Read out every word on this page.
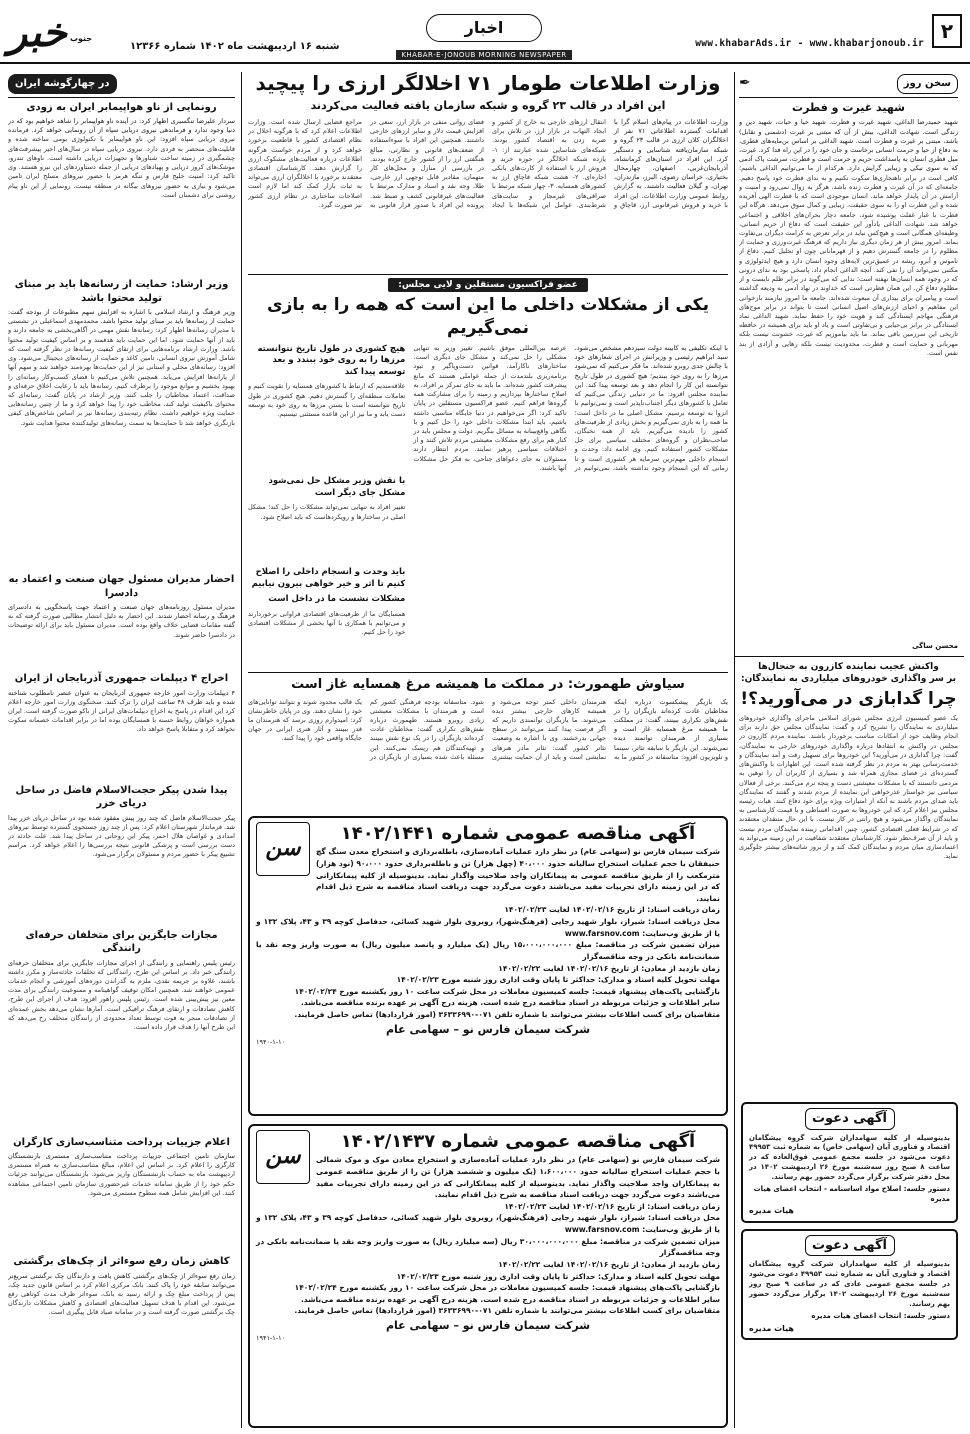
۲
www.khabarAds.ir - www.khabarjonoub.ir
اخبار
KHABAR-E-JONOUB MORNING NEWSPAPER
خبر جنوب
شنبه ۱۶ اردیبهشت ماه ۱۴۰۲ شماره ۱۲۳۶۶
سخن روز
✒
شهید غیرت و فطرت
شهید حمیدرضا الداغی، شهید غیرت و فطرت. شهید حیا و حیات، شهید دین و زندگی است. شهادت الداغی، بیش از آن که مبتنی بر غیرت (دشمنی و تقابل) باشد، مبتنی بر غیرت و فطرت است. شهید الداغی بر اساس بن‌مایه‌های فطری، به دفاع از حیا و حرمت انسانی برخاست و جان خود را در این راه فدا کرد. غیرت، میل فطری انسان به پاسداشت حریم و حرمت است و فطرت، سرشت پاک آدمی که به سوی نیکی و زیبایی گرایش دارد. هرکدام از ما می‌توانیم الداغی باشیم؛ کافی است در برابر ناهنجاری‌ها سکوت نکنیم و به ندای فطرت خود پاسخ دهیم. جامعه‌ای که در آن غیرت و فطرت زنده باشد، هرگز به زوال نمی‌رود و امنیت و آرامش در آن پایدار خواهد ماند. انسان موجودی است که با فطرت الهی آفریده شده و این فطرت او را به سوی حقیقت، زیبایی و کمال سوق می‌دهد. هرگاه این فطرت با غبار غفلت پوشیده شود، جامعه دچار بحران‌های اخلاقی و اجتماعی خواهد شد. شهادت الداغی یادآور این حقیقت است که دفاع از حریم انسانی، وظیفه‌ای همگانی است و هیچ‌کس نباید در برابر تعرض به کرامت دیگران بی‌تفاوت بماند. امروز بیش از هر زمان دیگری نیاز داریم که فرهنگ غیرت‌ورزی و حمایت از مظلوم را در جامعه گسترش دهیم و از قهرمانانی چون او تجلیل کنیم. دفاع از ناموس و آبرو، ریشه در عمیق‌ترین لایه‌های وجود انسان دارد و هیچ ایدئولوژی و مکتبی نمی‌تواند آن را نفی کند. آنچه الداغی انجام داد، پاسخی بود به ندای درونی که در وجود همه انسان‌ها نهفته است؛ ندایی که می‌گوید در برابر ظلم نایست و از مظلوم دفاع کن. این همان فطرتی است که خداوند در نهاد آدمی به ودیعه گذاشته است و پیامبران برای بیداری آن مبعوث شده‌اند. جامعه ما امروز نیازمند بازخوانی این مفاهیم و احیای ارزش‌های اصیل انسانی است تا بتواند در برابر موج‌های فرهنگی مهاجم ایستادگی کند و هویت خود را حفظ نماید. شهید الداغی نماد ایستادگی در برابر بی‌حیایی و بی‌تفاوتی است و یاد او باید برای همیشه در حافظه تاریخی این سرزمین باقی بماند. ما باید بیاموزیم که غیرت، خشونت نیست بلکه مهربانی و حمایت است و فطرت، محدودیت نیست بلکه رهایی و آزادی از بند نفس است.
محسن ساگی
واکنش عجیب نماینده کازرون به جنجال‌ها
بر سر واگذاری خودروهای میلیاردی به نمایندگان:
چرا گدابازی در می‌آورید؟!
یک عضو کمیسیون انرژی مجلس شورای اسلامی ماجرای واگذاری خودروهای میلیاردی به نمایندگان را تشریح کرد و گفت: نمایندگان مجلس حق دارند برای انجام وظایف خود از امکانات مناسب برخوردار باشند. نماینده مردم کازرون در مجلس در واکنش به انتقادها درباره واگذاری خودروهای خارجی به نمایندگان، گفت: چرا گدابازی در می‌آورید؟ این خودروها برای تسهیل رفت و آمد نمایندگان و خدمت‌رسانی بهتر به مردم در نظر گرفته شده است. این اظهارات با واکنش‌های گسترده‌ای در فضای مجازی همراه شد و بسیاری از کاربران آن را توهین به مردمی دانستند که با مشکلات معیشتی دست و پنجه نرم می‌کنند. برخی از فعالان سیاسی نیز خواستار عذرخواهی این نماینده از مردم شدند و گفتند که نمایندگان باید صدای مردم باشند نه آنکه از امتیازات ویژه برای خود دفاع کنند. هیات رئیسه مجلس نیز اعلام کرد که این خودروها به صورت اقساطی و با قیمت کارشناسی به نمایندگان واگذار می‌شود و هیچ رانتی در کار نیست. با این حال منتقدان معتقدند که در شرایط فعلی اقتصادی کشور، چنین اقداماتی زیبنده نمایندگان مردم نیست و باید از آن صرف‌نظر شود. کارشناسان معتقدند شفافیت در این زمینه می‌تواند به اعتمادسازی میان مردم و نمایندگان کمک کند و از بروز شائبه‌های بیشتر جلوگیری نماید.
آگهی دعوت
بدینوسیله از کلیه سهامداران شرکت گروه پیشگامان اقتصاد و فناوری آیان (سهامی خاص) به شماره ثبت ۴۹۹۵۳ دعوت می‌شود در جلسه مجمع عمومی فوق‌العاده که در ساعت ۸ صبح روز سه‌شنبه مورخ ۲۶ اردیبهشت ۱۴۰۲ در محل دفتر شرکت برگزار می‌گردد حضور بهم رسانند.
دستور جلسه: اصلاح مواد اساسنامه - انتخاب اعضای هیات مدیره
هیات مدیره
آگهی دعوت
بدینوسیله از کلیه سهامداران شرکت گروه پیشگامان اقتصاد و فناوری آیان به شماره ثبت ۴۹۹۵۳ دعوت می‌شود در جلسه مجمع عمومی عادی که در ساعت ۹ صبح روز سه‌شنبه مورخ ۲۶ اردیبهشت ۱۴۰۲ برگزار می‌گردد حضور بهم رسانند.
دستور جلسه: انتخاب اعضای هیات مدیره
هیات مدیره
وزارت اطلاعات طومار ۷۱ اخلالگر ارزی را پیچید
این افراد در قالب ۲۳ گروه و شبکه سازمان یافته فعالیت می‌کردند
وزارت اطلاعات در پیام‌های اسلام گرا با اقدامات گسترده اطلاعاتی ۷۱ نفر از اخلالگران کلان ارزی در قالب ۲۳ گروه و شبکه سازمان‌یافته شناسایی و دستگیر کرد. این افراد در استان‌های کرمانشاه، آذربایجان‌غربی، اصفهان، چهارمحال بختیاری، خراسان رضوی، البرز، مازندران، تهران، و گیلان فعالیت داشتند. به گزارش روابط عمومی وزارت اطلاعات، این افراد با خرید و فروش غیرقانونی ارز، قاچاق و انتقال ارزهای خارجی به خارج از کشور و ایجاد التهاب در بازار ارز، در تلاش برای ضربه زدن به اقتصاد کشور بودند. شبکه‌های شناسایی شده عبارتند از: ۱- یازده شبکه اخلالگر در حوزه خرید و فروش ارز با استفاده از کارت‌های بانکی اجاره‌ای. ۲- هشت شبکه قاچاق ارز به کشورهای همسایه. ۳- چهار شبکه مرتبط با صرافی‌های غیرمجاز و سایت‌های شرط‌بندی. عوامل این شبکه‌ها با ایجاد فضای روانی منفی در بازار ارز، سعی در افزایش قیمت دلار و سایر ارزهای خارجی داشتند. همچنین این افراد با سوءاستفاده از ضعف‌های قانونی و نظارتی، مبالغ هنگفتی ارز را از کشور خارج کرده بودند. در بازرسی از منازل و محل‌های کار متهمان، مقادیر قابل توجهی ارز خارجی، طلا، وجه نقد و اسناد و مدارک مرتبط با فعالیت‌های غیرقانونی کشف و ضبط شد. پرونده این افراد با صدور قرار قانونی به مراجع قضایی ارسال شده است. وزارت اطلاعات اعلام کرد که با هرگونه اخلال در نظام اقتصادی کشور با قاطعیت برخورد خواهد کرد و از مردم خواست هرگونه اطلاعات درباره فعالیت‌های مشکوک ارزی را گزارش دهند. کارشناسان اقتصادی معتقدند برخورد با اخلالگران ارزی می‌تواند به ثبات بازار کمک کند اما لازم است اصلاحات ساختاری در نظام ارزی کشور نیز صورت گیرد.
عضو فراکسیون مستقلین و لایی مجلس:
یکی از مشکلات داخلی ما این است که همه را به بازی نمی‌گیریم
با اینکه تکلیفی به کابینه دولت سیزدهم مشخص می‌شود، سید ابراهیم رئیسی و وزیرانش در اجرای شعارهای خود با چالش جدی روبرو شده‌اند. ما فکر می‌کنیم که نمی‌شود مرزها را به روی خود ببندیم؛ هیچ کشوری در طول تاریخ نتوانسته این کار را انجام دهد و بعد توسعه پیدا کند. این نماینده مجلس افزود: ما در دنیایی زندگی می‌کنیم که تعامل با کشورهای دیگر اجتناب‌ناپذیر است و نمی‌توانیم با انزوا به توسعه برسیم. مشکل اصلی ما در داخل است؛ ما همه را به بازی نمی‌گیریم و بخش زیادی از ظرفیت‌های کشور را نادیده می‌گیریم. باید از همه نخبگان، صاحب‌نظران و گروه‌های مختلف سیاسی برای حل مشکلات کشور استفاده کنیم. وی ادامه داد: وحدت و انسجام داخلی مهم‌ترین سرمایه هر کشوری است و تا زمانی که این انسجام وجود نداشته باشد، نمی‌توانیم در عرصه بین‌المللی موفق باشیم. تغییر وزیر به تنهایی مشکلی را حل نمی‌کند و مشکل جای دیگری است. ساختارهای ناکارآمد، قوانین دست‌وپاگیر و نبود برنامه‌ریزی بلندمدت از جمله عواملی هستند که مانع پیشرفت کشور شده‌اند. ما باید به جای تمرکز بر افراد، به اصلاح ساختارها بپردازیم و زمینه را برای مشارکت همه گروه‌ها فراهم کنیم. عضو فراکسیون مستقلین در پایان تاکید کرد: اگر می‌خواهیم در دنیا جایگاه مناسبی داشته باشیم، باید ابتدا مشکلات داخلی خود را حل کنیم و با نگاهی واقع‌بینانه به مسائل بنگریم. دولت و مجلس باید در کنار هم برای رفع مشکلات معیشتی مردم تلاش کنند و از اختلافات سیاسی پرهیز نمایند. مردم انتظار دارند مسئولان به جای دعواهای جناحی، به فکر حل مشکلات آنها باشند.
هیچ کشوری در طول تاریخ نتوانسته مرزها را به روی خود ببندد و بعد توسعه پیدا کند
علاقه‌مندیم که ارتباط با کشورهای همسایه را تقویت کنیم و تعاملات منطقه‌ای را گسترش دهیم. هیچ کشوری در طول تاریخ نتوانسته است با بستن مرزها به روی خود به توسعه دست یابد و ما نیز از این قاعده مستثنی نیستیم.
با نقش وزیر مشکل حل نمی‌شود مشکل جای دیگر است
تغییر افراد به تنهایی نمی‌تواند مشکلات را حل کند؛ مشکل اصلی در ساختارها و رویکردهاست که باید اصلاح شود.
باید وحدت و انسجام داخلی را اصلاح کنیم تا اثر و خیر خواهی بیرون نیابیم
مشکلات نشست ما در داخل است
همسایگان ما از ظرفیت‌های اقتصادی فراوانی برخوردارند و می‌توانیم با همکاری با آنها بخشی از مشکلات اقتصادی خود را حل کنیم.
سیاوش طهمورث: در مملکت ما همیشه مرغ همسایه غاز است
یک بازیگر پیشکسوت درباره اینکه مخاطبان عادت کرده‌اند بازیگران را در نقش‌های تکراری ببینند، گفت: در مملکت ما همیشه مرغ همسایه غاز است و بسیاری از هنرمندان توانمند دیده نمی‌شوند. این بازیگر با سابقه تئاتر، سینما و تلویزیون افزود: متاسفانه در کشور ما به هنرمندان داخلی کمتر توجه می‌شود و همیشه کارهای خارجی بیشتر دیده می‌شوند. ما بازیگران توانمندی داریم که اگر فرصت پیدا کنند می‌توانند در سطح جهانی بدرخشند. وی با اشاره به وضعیت تئاتر کشور گفت: تئاتر مادر هنرهای نمایشی است و باید از آن حمایت بیشتری شود. متاسفانه بودجه فرهنگی کشور کم است و هنرمندان با مشکلات معیشتی زیادی روبرو هستند. طهمورث درباره نقش‌های تکراری گفت: مخاطبان عادت کرده‌اند بازیگران را در یک نوع نقش ببینند و تهیه‌کنندگان هم ریسک نمی‌کنند. این مسئله باعث شده بسیاری از بازیگران در یک قالب محدود شوند و نتوانند توانایی‌های خود را نشان دهند. وی در پایان خاطرنشان کرد: امیدوارم روزی برسد که هنرمندان ما قدر ببینند و آثار هنری ایرانی در جهان جایگاه واقعی خود را پیدا کنند.
آگهی مناقصه عمومی شماره ۱۴۰۲/۱۴۴۱
شرکت سیمان فارس نو (سهامی عام) در نظر دارد عملیات آماده‌سازی، باطله‌برداری و استخراج معدن سنگ گچ حنیفقان با حجم عملیات استخراج سالیانه حدود ۴۰،۰۰۰ (چهل هزار) تن و باطله‌برداری حدود ۹۰،۰۰۰ (نود هزار) مترمکعب را از طریق مناقصه عمومی به پیمانکاران واجد صلاحیت واگذار نماید. بدینوسیله از کلیه پیمانکارانی که در این زمینه دارای تجربیات مفید می‌باشند دعوت می‌گردد جهت دریافت اسناد مناقصه به شرح ذیل اقدام نمایند.
سن
زمان دریافت اسناد: از تاریخ ۱۴۰۲/۰۲/۱۶ لغایت ۱۴۰۲/۰۲/۲۳
محل دریافت اسناد: شیراز، بلوار شهید رجایی (فرهنگ‌شهر)، روبروی بلوار شهید کسائی، حدفاصل کوچه ۳۹ و ۴۳، پلاک ۱۳۲ و یا از طریق وب‌سایت: www.farsnov.com
میزان تضمین شرکت در مناقصه: مبلغ ۱۵،۰۰۰،۰۰۰،۰۰۰ ریال (یک میلیارد و پانصد میلیون ریال) به صورت واریز وجه نقد یا ضمانت‌نامه بانکی در وجه مناقصه‌گزار
زمان بازدید از معادن: از تاریخ ۱۴۰۲/۰۲/۱۶ لغایت ۱۴۰۲/۰۲/۲۲
مهلت تحویل کلیه اسناد و مدارک: حداکثر تا پایان وقت اداری روز شنبه مورخ ۱۴۰۲/۰۲/۲۳
بازگشایی پاکت‌های پیشنهاد قیمت: جلسه کمیسیون معاملات در محل شرکت ساعت ۱۰ روز یکشنبه مورخ ۱۴۰۲/۰۲/۲۴
سایر اطلاعات و جزئیات مربوطه در اسناد مناقصه درج شده است. هزینه درج آگهی بر عهده برنده مناقصه می‌باشد.
متقاضیان برای کسب اطلاعات بیشتر می‌توانند با شماره تلفن ۰۷۱-۳۶۳۳۶۹۹۰ (امور قراردادها) تماس حاصل فرمایند.
شرکت سیمان فارس نو – سهامی عام
۱۹۴۰-۱-۱۰
آگهی مناقصه عمومی شماره ۱۴۰۲/۱۴۳۷
شرکت سیمان فارس نو (سهامی عام) در نظر دارد عملیات آماده‌سازی و استخراج معادن موک و موک شمالی با حجم عملیات استخراج سالیانه حدود ۱،۶۰۰،۰۰۰ (یک میلیون و ششصد هزار) تن را از طریق مناقصه عمومی به پیمانکاران واجد صلاحیت واگذار نماید. بدینوسیله از کلیه پیمانکارانی که در این زمینه دارای تجربیات مفید می‌باشند دعوت می‌گردد جهت دریافت اسناد مناقصه به شرح ذیل اقدام نمایند.
سن
زمان دریافت اسناد: از تاریخ ۱۴۰۲/۰۲/۱۶ لغایت ۱۴۰۲/۰۲/۲۳
محل دریافت اسناد: شیراز، بلوار شهید رجایی (فرهنگ‌شهر)، روبروی بلوار شهید کسائی، حدفاصل کوچه ۳۹ و ۴۳، پلاک ۱۳۲ و یا از طریق وب‌سایت: www.farsnov.com
میزان تضمین شرکت در مناقصه: مبلغ ۳۰،۰۰۰،۰۰۰،۰۰۰ ریال (سه میلیارد ریال) به صورت واریز وجه نقد یا ضمانت‌نامه بانکی در وجه مناقصه‌گزار
زمان بازدید از معادن: از تاریخ ۱۴۰۲/۰۲/۱۶ لغایت ۱۴۰۲/۰۲/۲۲
مهلت تحویل کلیه اسناد و مدارک: حداکثر تا پایان وقت اداری روز شنبه مورخ ۱۴۰۲/۰۲/۲۳
بازگشایی پاکت‌های پیشنهاد قیمت: جلسه کمیسیون معاملات در محل شرکت ساعت ۱۰ روز یکشنبه مورخ ۱۴۰۲/۰۲/۲۴
سایر اطلاعات و جزئیات مربوطه در اسناد مناقصه درج شده است. هزینه درج آگهی بر عهده برنده مناقصه می‌باشد.
متقاضیان برای کسب اطلاعات بیشتر می‌توانند با شماره تلفن ۰۷۱-۳۶۳۳۶۹۹۰ (امور قراردادها) تماس حاصل فرمایند.
شرکت سیمان فارس نو – سهامی عام
۱۹۴۱-۱-۱۰
در چهارگوشه ایران
رونمایی از ناو هواپیمابر ایران به زودی
سردار علیرضا تنگسیری اظهار کرد: در آینده ناو هواپیمابر را شاهد خواهیم بود که در دنیا وجود ندارد و فرماندهی نیروی دریایی سپاه از آن رونمایی خواهد کرد. فرمانده نیروی دریایی سپاه افزود: این ناو هواپیمابر با تکنولوژی بومی ساخته شده و قابلیت‌های منحصر به فردی دارد. نیروی دریایی سپاه در سال‌های اخیر پیشرفت‌های چشمگیری در زمینه ساخت شناورها و تجهیزات دریایی داشته است. ناوهای تندرو، موشک‌های کروز دریایی و پهپادهای دریایی از جمله دستاوردهای این نیرو هستند. وی تاکید کرد: امنیت خلیج فارس و تنگه هرمز با حضور نیروهای مسلح ایران تامین می‌شود و نیازی به حضور نیروهای بیگانه در منطقه نیست. رونمایی از این ناو پیام روشنی برای دشمنان است.
وزیر ارشاد: حمایت از رسانه‌ها باید بر مبنای تولید محتوا باشد
وزیر فرهنگ و ارشاد اسلامی با اشاره به افزایش سهم مطبوعات از بودجه گفت: حمایت از رسانه‌ها باید بر مبنای تولید محتوا باشد. محمدمهدی اسماعیلی در نشستی با مدیران رسانه‌ها اظهار کرد: رسانه‌ها نقش مهمی در آگاهی‌بخشی به جامعه دارند و باید از آنها حمایت شود. اما این حمایت باید هدفمند و بر اساس کیفیت تولید محتوا باشد. وزارت ارشاد برنامه‌هایی برای ارتقای کیفیت رسانه‌ها در نظر گرفته است که شامل آموزش نیروی انسانی، تامین کاغذ و حمایت از رسانه‌های دیجیتال می‌شود. وی افزود: رسانه‌های محلی و استانی نیز از این حمایت‌ها بهره‌مند خواهند شد و سهم آنها از یارانه‌ها افزایش می‌یابد. همچنین تلاش می‌کنیم تا فضای کسب‌وکار رسانه‌ای را بهبود بخشیم و موانع موجود را برطرف کنیم. رسانه‌ها باید با رعایت اخلاق حرفه‌ای و صداقت، اعتماد مخاطبان را جلب کنند. وزیر ارشاد در پایان گفت: رسانه‌ای که محتوای باکیفیت تولید کند، مخاطب خود را پیدا خواهد کرد و ما از چنین رسانه‌هایی حمایت ویژه خواهیم داشت. نظام رتبه‌بندی رسانه‌ها نیز بر اساس شاخص‌های کیفی بازنگری خواهد شد تا حمایت‌ها به سمت رسانه‌های تولیدکننده محتوا هدایت شود.
احضار مدیران مسئول جهان صنعت و اعتماد به دادسرا
مدیران مسئول روزنامه‌های جهان صنعت و اعتماد جهت پاسخگویی به دادسرای فرهنگ و رسانه احضار شدند. این احضار به دلیل انتشار مطالبی صورت گرفته که به گفته مقامات قضایی خلاف واقع بوده است. مدیران مسئول باید برای ارائه توضیحات در دادسرا حاضر شوند.
اخراج ۴ دیپلمات جمهوری آذربایجان از ایران
۴ دیپلمات وزارت امور خارجه جمهوری آذربایجان به عنوان عنصر نامطلوب شناخته شده و باید ظرف ۴۸ ساعت ایران را ترک کنند. سخنگوی وزارت امور خارجه اعلام کرد این اقدام در پاسخ به اخراج دیپلمات‌های ایرانی از باکو صورت گرفته است. ایران همواره خواهان روابط حسنه با همسایگان بوده اما در برابر اقدامات خصمانه سکوت نخواهد کرد و متقابلا پاسخ خواهد داد.
پیدا شدن پیکر حجت‌الاسلام فاضل در ساحل دریای خزر
پیکر حجت‌الاسلام فاضل که چند روز پیش مفقود شده بود در ساحل دریای خزر پیدا شد. فرماندار شهرستان اعلام کرد: پس از چند روز جستجوی گسترده توسط نیروهای امدادی و غواصان هلال احمر، پیکر این روحانی در ساحل پیدا شد. علت حادثه در دست بررسی است و پزشکی قانونی نتیجه بررسی‌ها را اعلام خواهد کرد. مراسم تشییع پیکر با حضور مردم و مسئولان برگزار می‌شود.
مجازات جایگزین برای متخلفان حرفه‌ای رانندگی
رئیس پلیس راهنمایی و رانندگی از اجرای مجازات جایگزین برای متخلفان حرفه‌ای رانندگی خبر داد. بر اساس این طرح، رانندگانی که تخلفات حادثه‌ساز و مکرر داشته باشند، علاوه بر جریمه نقدی، ملزم به گذراندن دوره‌های آموزشی و انجام خدمات عمومی خواهند شد. همچنین امکان توقیف گواهینامه و ممنوعیت رانندگی برای مدت معین نیز پیش‌بینی شده است. رئیس پلیس راهور افزود: هدف از اجرای این طرح، کاهش تصادفات و ارتقای فرهنگ ترافیکی است. آمارها نشان می‌دهد بخش عمده‌ای از تصادفات منجر به فوت توسط تعداد محدودی از رانندگان متخلف رخ می‌دهد که این طرح آنها را هدف قرار داده است.
اعلام جزییات پرداخت متناسب‌سازی کارگران
سازمان تامین اجتماعی جزییات پرداخت متناسب‌سازی مستمری بازنشستگان کارگری را اعلام کرد. بر اساس این اعلام، مبالغ متناسب‌سازی به همراه مستمری اردیبهشت ماه به حساب بازنشستگان واریز می‌شود. بازنشستگان می‌توانند جزئیات حکم خود را از طریق سامانه خدمات غیرحضوری سازمان تامین اجتماعی مشاهده کنند. این افزایش شامل همه سطوح مستمری می‌شود.
کاهش زمان رفع سوءاثر از چک‌های برگشتی
زمان رفع سوءاثر از چک‌های برگشتی کاهش یافت و دارندگان چک برگشتی سریع‌تر می‌توانند سابقه خود را پاک کنند. بانک مرکزی اعلام کرد بر اساس قانون جدید چک، پس از پرداخت مبلغ چک و ارائه رسید به بانک، سوءاثر ظرف مدت کوتاهی رفع می‌شود. این اقدام با هدف تسهیل فعالیت‌های اقتصادی و کاهش مشکلات دارندگان چک برگشتی صورت گرفته است و در سامانه صیاد قابل پیگیری است.
